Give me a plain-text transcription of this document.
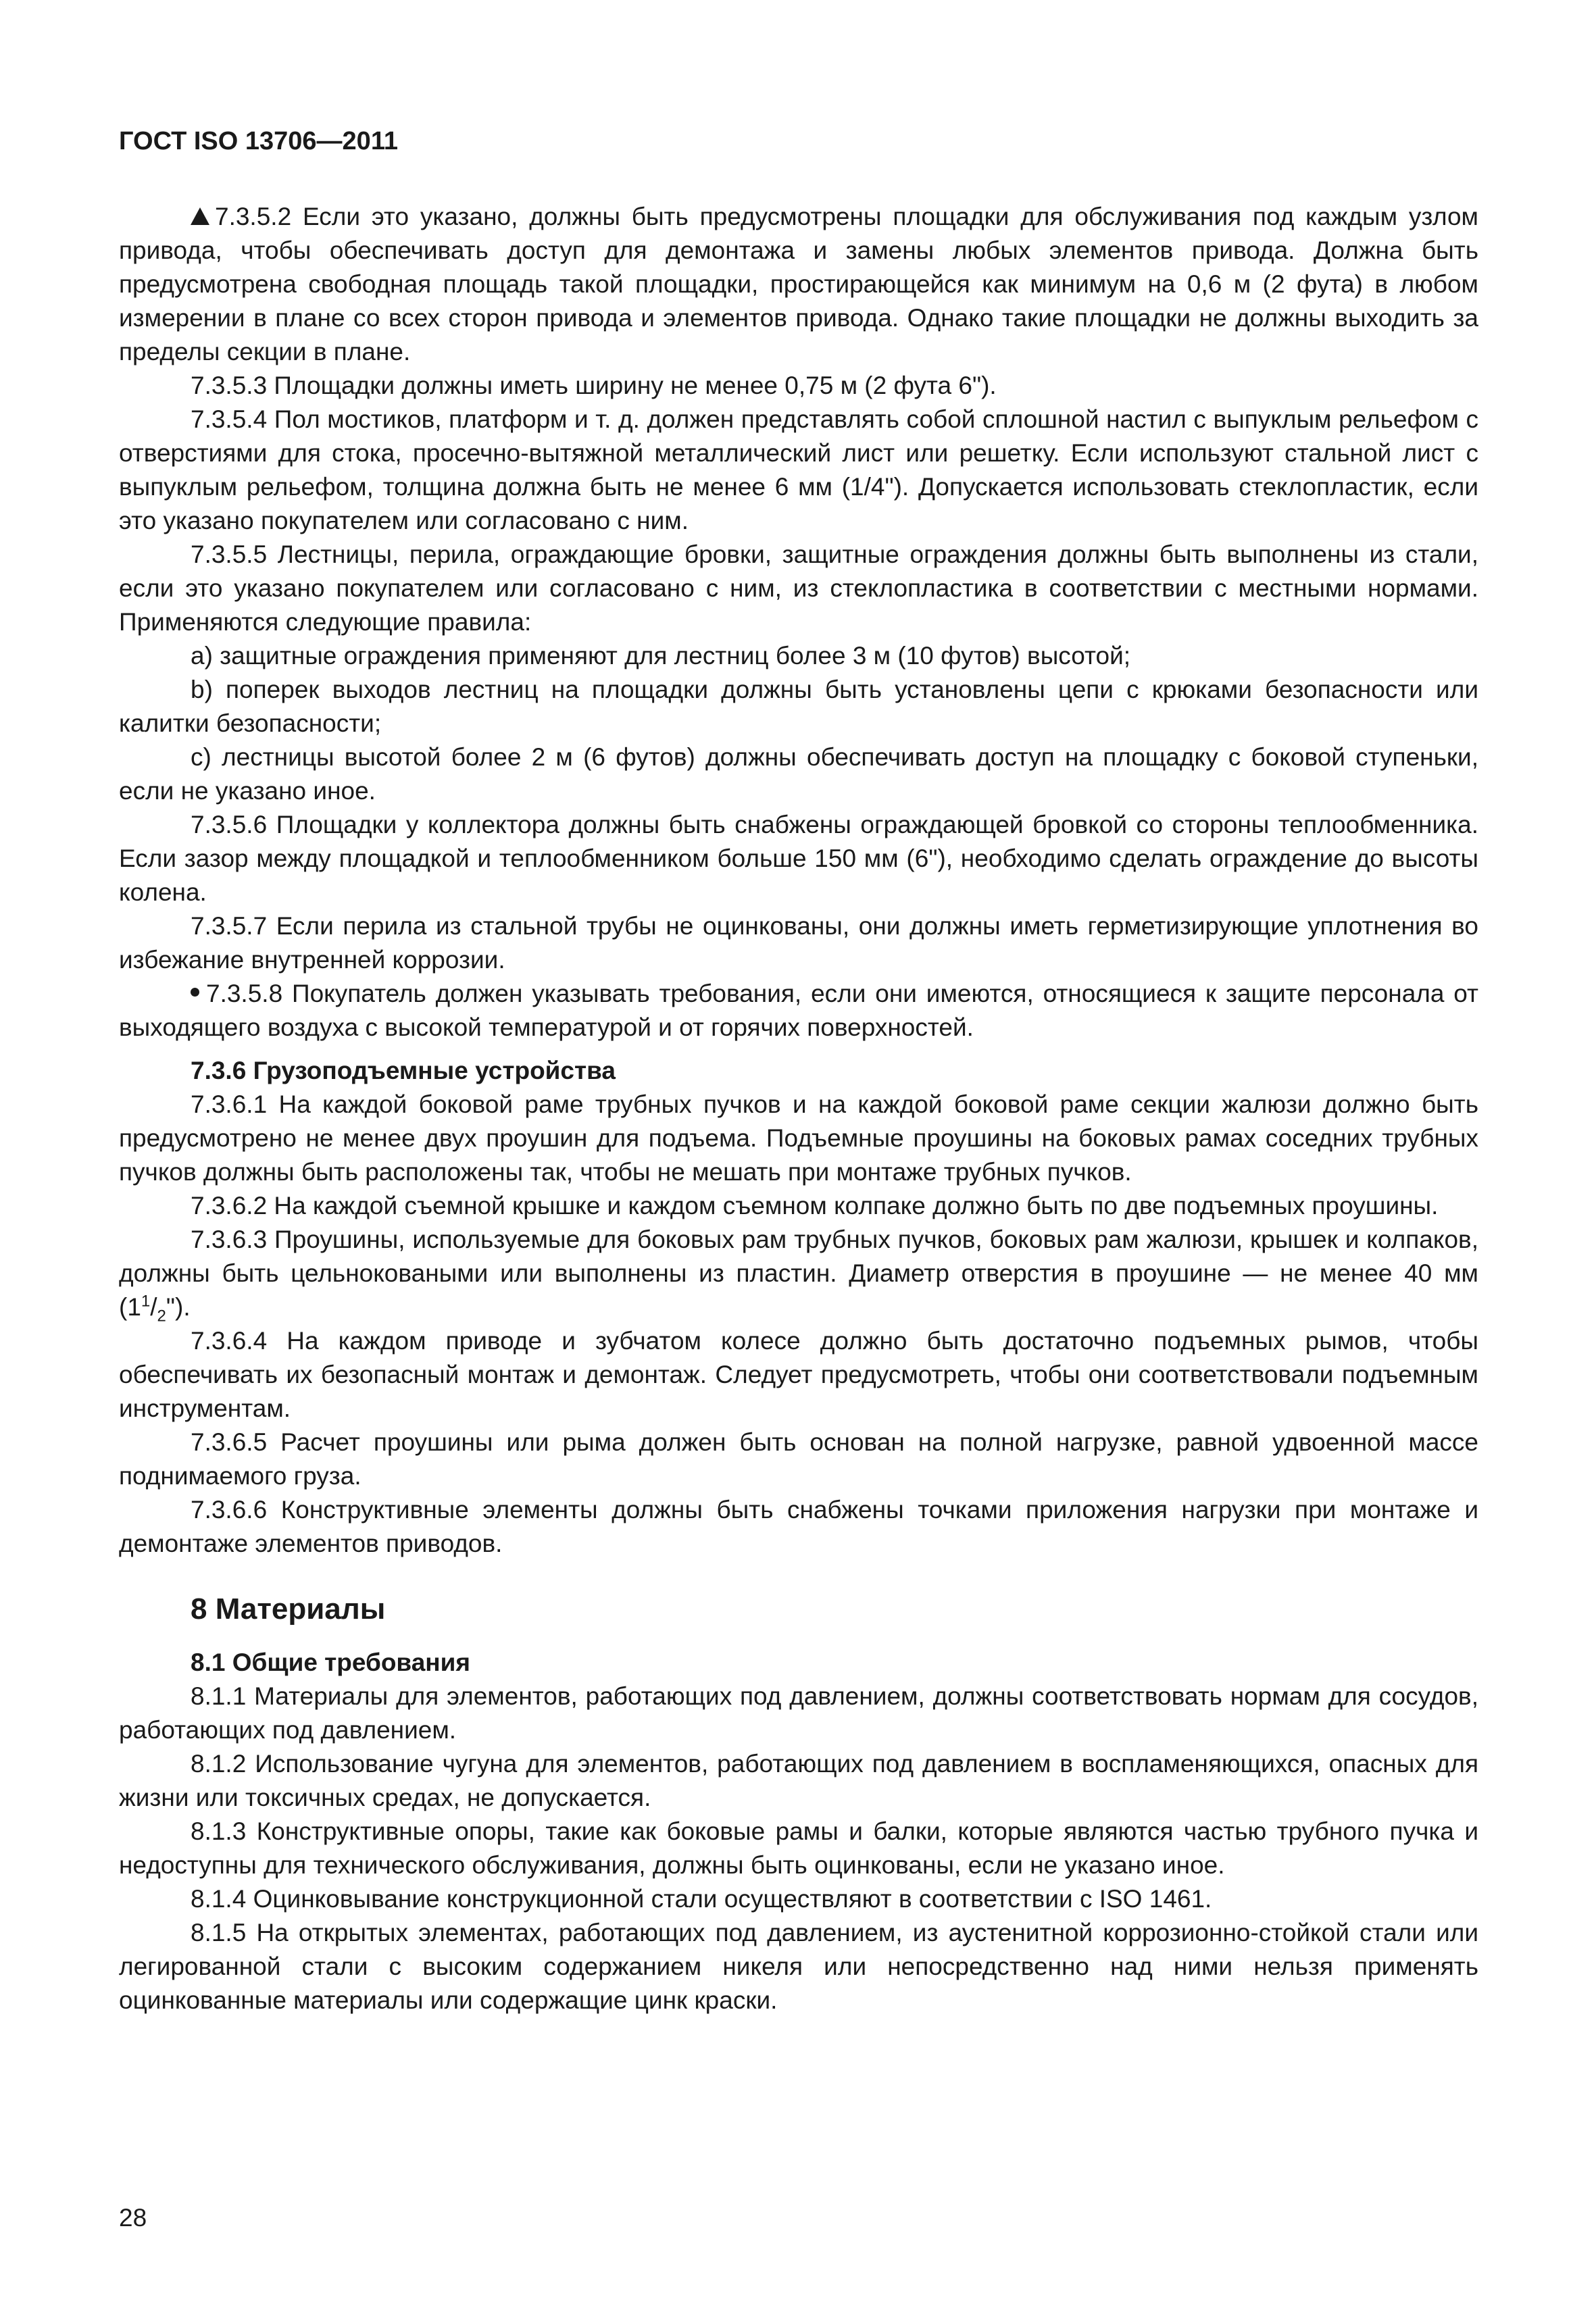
ГОСТ ISO 13706—2011

7.3.5.2 Если это указано, должны быть предусмотрены площадки для обслуживания под каждым узлом привода, чтобы обеспечивать доступ для демонтажа и замены любых элементов привода. Должна быть предусмотрена свободная площадь такой площадки, простирающейся как минимум на 0,6 м (2 фута) в любом измерении в плане со всех сторон привода и элементов привода. Однако такие площадки не должны выходить за пределы секции в плане.

7.3.5.3 Площадки должны иметь ширину не менее 0,75 м (2 фута 6").

7.3.5.4 Пол мостиков, платформ и т. д. должен представлять собой сплошной настил с выпуклым рельефом с отверстиями для стока, просечно-вытяжной металлический лист или решетку. Если используют стальной лист с выпуклым рельефом, толщина должна быть не менее 6 мм (1/4"). Допускается использовать стеклопластик, если это указано покупателем или согласовано с ним.

7.3.5.5 Лестницы, перила, ограждающие бровки, защитные ограждения должны быть выполнены из стали, если это указано покупателем или согласовано с ним, из стеклопластика в соответствии с местными нормами. Применяются следующие правила:

а) защитные ограждения применяют для лестниц более 3 м (10 футов) высотой;

b) поперек выходов лестниц на площадки должны быть установлены цепи с крюками безопасности или калитки безопасности;

с) лестницы высотой более 2 м (6 футов) должны обеспечивать доступ на площадку с боковой ступеньки, если не указано иное.

7.3.5.6 Площадки у коллектора должны быть снабжены ограждающей бровкой со стороны теплообменника. Если зазор между площадкой и теплообменником больше 150 мм (6"), необходимо сделать ограждение до высоты колена.

7.3.5.7 Если перила из стальной трубы не оцинкованы, они должны иметь герметизирующие уплотнения во избежание внутренней коррозии.

7.3.5.8 Покупатель должен указывать требования, если они имеются, относящиеся к защите персонала от выходящего воздуха с высокой температурой и от горячих поверхностей.

7.3.6 Грузоподъемные устройства

7.3.6.1 На каждой боковой раме трубных пучков и на каждой боковой раме секции жалюзи должно быть предусмотрено не менее двух проушин для подъема. Подъемные проушины на боковых рамах соседних трубных пучков должны быть расположены так, чтобы не мешать при монтаже трубных пучков.

7.3.6.2 На каждой съемной крышке и каждом съемном колпаке должно быть по две подъемных проушины.

7.3.6.3 Проушины, используемые для боковых рам трубных пучков, боковых рам жалюзи, крышек и колпаков, должны быть цельноковаными или выполнены из пластин. Диаметр отверстия в проушине — не менее 40 мм $(1^1/_2")$.

7.3.6.4 На каждом приводе и зубчатом колесе должно быть достаточно подъемных рымов, чтобы обеспечивать их безопасный монтаж и демонтаж. Следует предусмотреть, чтобы они соответствовали подъемным инструментам.

7.3.6.5 Расчет проушины или рыма должен быть основан на полной нагрузке, равной удвоенной массе поднимаемого груза.

7.3.6.6 Конструктивные элементы должны быть снабжены точками приложения нагрузки при монтаже и демонтаже элементов приводов.

8 Материалы
8.1 Общие требования

8.1.1 Материалы для элементов, работающих под давлением, должны соответствовать нормам для сосудов, работающих под давлением.

8.1.2 Использование чугуна для элементов, работающих под давлением в воспламеняющихся, опасных для жизни или токсичных средах, не допускается.

8.1.3 Конструктивные опоры, такие как боковые рамы и балки, которые являются частью трубного пучка и недоступны для технического обслуживания, должны быть оцинкованы, если не указано иное.

8.1.4 Оцинковывание конструкционной стали осуществляют в соответствии с ISO 1461.

8.1.5 На открытых элементах, работающих под давлением, из аустенитной коррозионно-стойкой стали или легированной стали с высоким содержанием никеля или непосредственно над ними нельзя применять оцинкованные материалы или содержащие цинк краски.

28
